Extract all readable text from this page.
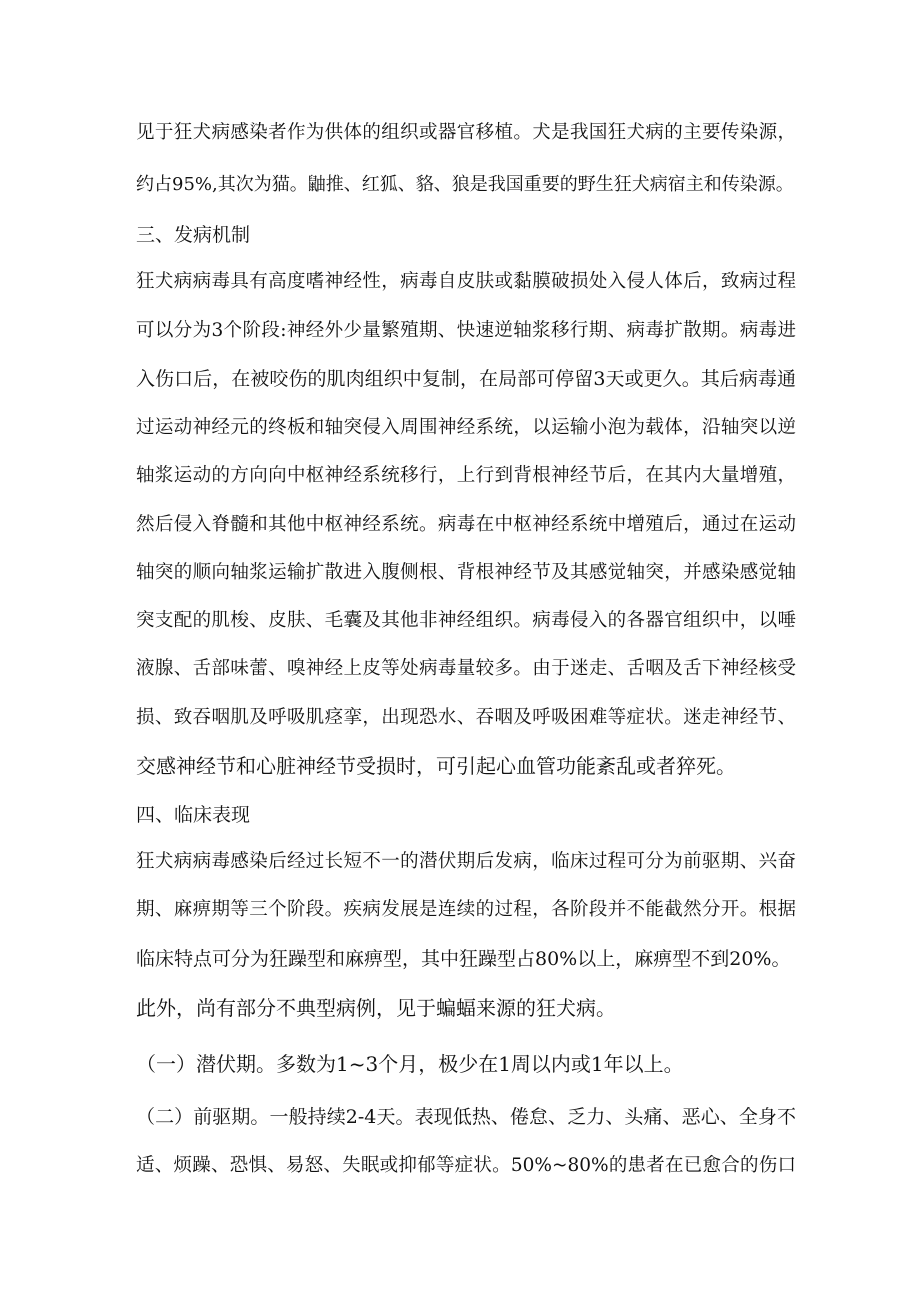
见于狂犬病感染者作为供体的组织或器官移植。犬是我国狂犬病的主要传染源，
约占95%,其次为猫。鼬推、红狐、貉、狼是我国重要的野生狂犬病宿主和传染源。
三、发病机制
狂犬病病毒具有高度嗜神经性，病毒自皮肤或黏膜破损处入侵人体后，致病过程
可以分为3个阶段:神经外少量繁殖期、快速逆轴浆移行期、病毒扩散期。病毒进
入伤口后，在被咬伤的肌肉组织中复制，在局部可停留3天或更久。其后病毒通
过运动神经元的终板和轴突侵入周围神经系统，以运输小泡为载体，沿轴突以逆
轴浆运动的方向向中枢神经系统移行，上行到背根神经节后，在其内大量增殖，
然后侵入脊髓和其他中枢神经系统。病毒在中枢神经系统中增殖后，通过在运动
轴突的顺向轴浆运输扩散进入腹侧根、背根神经节及其感觉轴突，并感染感觉轴
突支配的肌梭、皮肤、毛囊及其他非神经组织。病毒侵入的各器官组织中，以唾
液腺、舌部味蕾、嗅神经上皮等处病毒量较多。由于迷走、舌咽及舌下神经核受
损、致吞咽肌及呼吸肌痉挛，出现恐水、吞咽及呼吸困难等症状。迷走神经节、
交感神经节和心脏神经节受损时，可引起心血管功能紊乱或者猝死。
四、临床表现
狂犬病病毒感染后经过长短不一的潜伏期后发病，临床过程可分为前驱期、兴奋
期、麻痹期等三个阶段。疾病发展是连续的过程，各阶段并不能截然分开。根据
临床特点可分为狂躁型和麻痹型，其中狂躁型占80%以上，麻痹型不到20%。
此外，尚有部分不典型病例，见于蝙蝠来源的狂犬病。
（一）潜伏期。多数为1~3个月，极少在1周以内或1年以上。
（二）前驱期。一般持续2-4天。表现低热、倦怠、乏力、头痛、恶心、全身不
适、烦躁、恐惧、易怒、失眠或抑郁等症状。50%~80%的患者在已愈合的伤口
